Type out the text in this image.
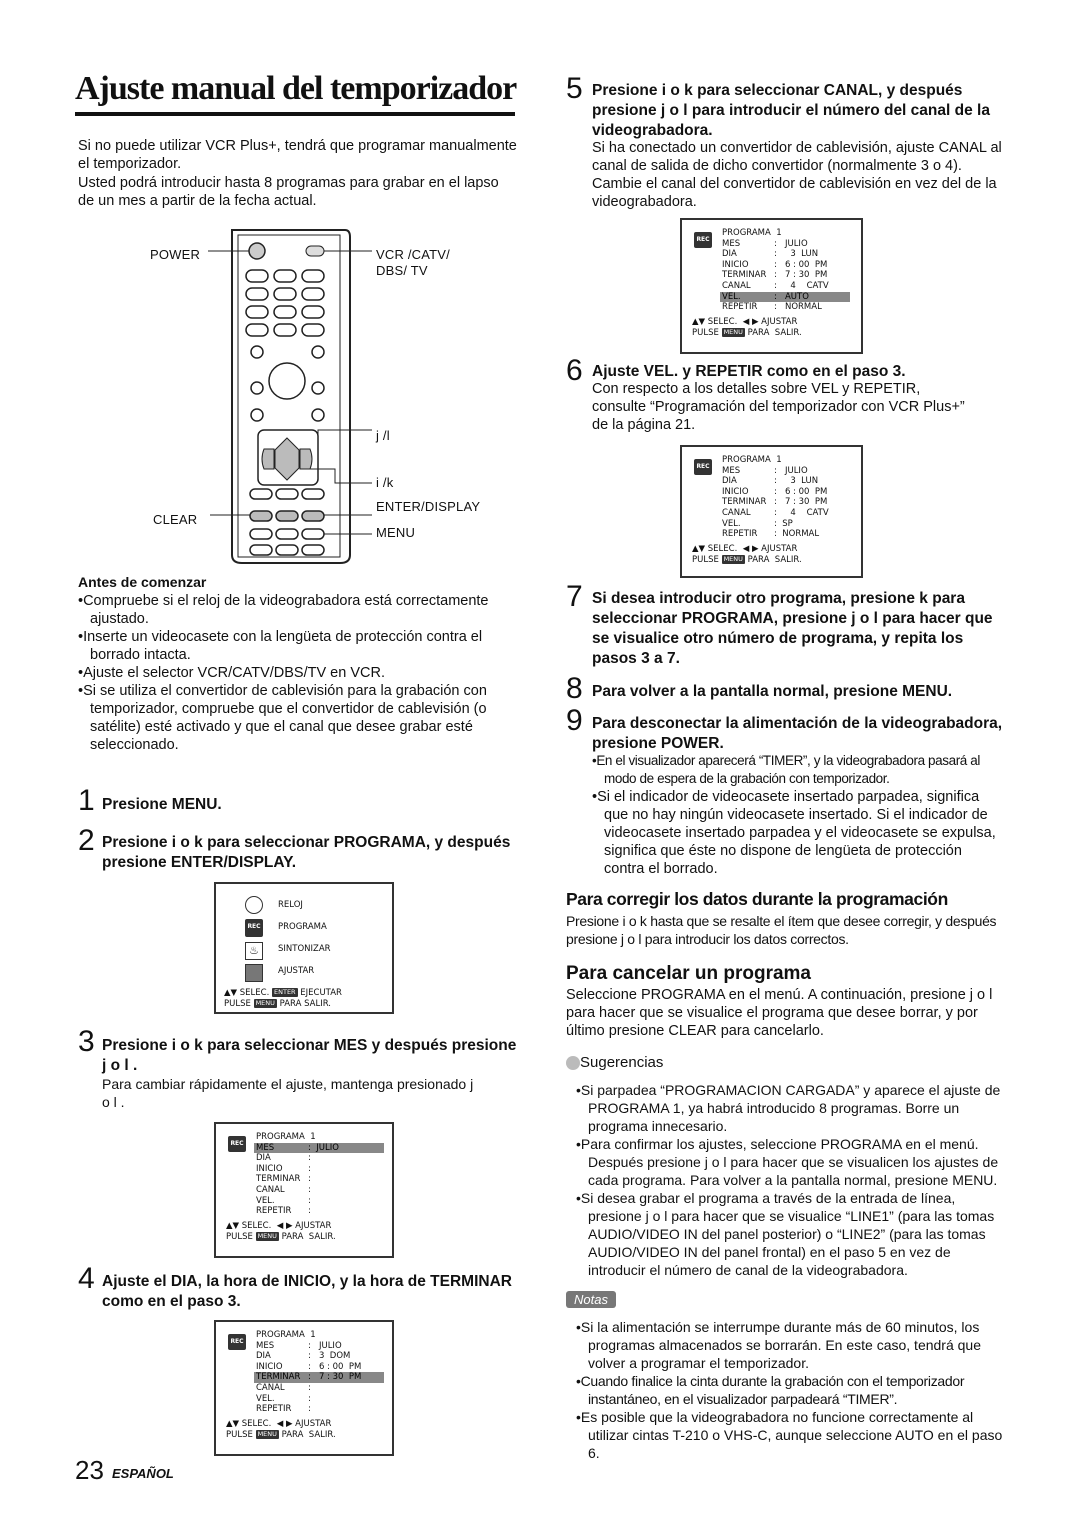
Ajuste manual del temporizador
Si no puede utilizar VCR Plus+, tendrá que programar manualmente el temporizador.
Usted podrá introducir hasta 8 programas para grabar en el lapso de un mes a partir de la fecha actual.
POWER	VCR /CATV/
DBS/ TV
j /l
i /k
ENTER/DISPLAY
CLEAR
MENU
Antes de comenzar
•Compruebe si el reloj de la videograbadora está correctamente ajustado.
•Inserte un videocasete con la lengüeta de protección contra el borrado intacta.
•Ajuste el selector VCR/CATV/DBS/TV en VCR.
•Si se utiliza el convertidor de cablevisión para la grabación con temporizador, compruebe que el convertidor de cablevisión (o satélite) esté activado y que el canal que desee grabar esté seleccionado.
1 Presione MENU.
2 Presione i o k para seleccionar PROGRAMA, y después presione ENTER/DISPLAY.
REC
♨
RELOJ
PROGRAMA
SINTONIZAR
AJUSTAR
▲▼ SELEC. ENTER EJECUTAR
PULSE MENU PARA SALIR.
3 Presione i o k para seleccionar MES y después presione j o l .
Para cambiar rápidamente el ajuste, mantenga presionado j o l .
REC
PROGRAMA  1
MES	:  JULIO
DIA	:
INICIO	:
TERMINAR :
CANAL	:
VEL.	:
REPETIR :
▲▼ SELEC.  ◀ ▶ AJUSTAR
PULSE MENU PARA  SALIR.
4 Ajuste el DIA, la hora de INICIO, y la hora de TERMINAR como en el paso 3.
REC
PROGRAMA  1
MES	:   JULIO
DIA	:   3  DOM
INICIO	:   6 : 00  PM
TERMINAR :   7 : 30  PM
CANAL	:
VEL.	:
REPETIR :
▲▼ SELEC.  ◀ ▶ AJUSTAR
PULSE MENU PARA  SALIR.
23 ESPAÑOL
5 Presione i o k para seleccionar CANAL, y después presione j o l para introducir el número del canal de la videograbadora.
Si ha conectado un convertidor de cablevisión, ajuste CANAL al canal de salida de dicho convertidor (normalmente 3 o 4). Cambie el canal del convertidor de cablevisión en vez del de la videograbadora.
REC
PROGRAMA  1
MES	:   JULIO
DIA	:     3  LUN
INICIO	:   6 : 00  PM
TERMINAR :   7 : 30  PM
CANAL	:     4    CATV
VEL.	:   AUTO
REPETIR :   NORMAL
▲▼ SELEC.  ◀ ▶ AJUSTAR
PULSE MENU PARA  SALIR.
6 Ajuste VEL. y REPETIR como en el paso 3.
Con respecto a los detalles sobre VEL y REPETIR, consulte “Programación del temporizador con VCR Plus+” de la página 21.
REC
PROGRAMA  1
MES	:   JULIO
DIA	:     3  LUN
INICIO	:   6 : 00  PM
TERMINAR :   7 : 30  PM
CANAL	:     4    CATV
VEL.	:  SP
REPETIR :  NORMAL
▲▼ SELEC.  ◀ ▶ AJUSTAR
PULSE MENU PARA  SALIR.
7 Si desea introducir otro programa, presione k para seleccionar PROGRAMA, presione j o l para hacer que se visualice otro número de programa, y repita los pasos 3 a 7.
8 Para volver a la pantalla normal, presione MENU.
9 Para desconectar la alimentación de la videograbadora, presione POWER.
•En el visualizador aparecerá “TIMER”, y la videograbadora pasará al modo de espera de la grabación con temporizador.
•Si el indicador de videocasete insertado parpadea, significa que no hay ningún videocasete insertado. Si el indicador de videocasete insertado parpadea y el videocasete se expulsa, significa que éste no dispone de lengüeta de protección contra el borrado.
Para corregir los datos durante la programación
Presione i o k hasta que se resalte el ítem que desee corregir, y después presione j o l para introducir los datos correctos.
Para cancelar un programa
Seleccione PROGRAMA en el menú. A continuación, presione j o l para hacer que se visualice el programa que desee borrar, y por último presione CLEAR para cancelarlo.
Sugerencias
•Si parpadea “PROGRAMACION CARGADA” y aparece el ajuste de PROGRAMA 1, ya habrá introducido 8 programas. Borre un programa innecesario.
•Para confirmar los ajustes, seleccione PROGRAMA en el menú. Después presione j o l para hacer que se visualicen los ajustes de cada programa. Para volver a la pantalla normal, presione MENU.
•Si desea grabar el programa a través de la entrada de línea, presione j o l para hacer que se visualice “LINE1” (para las tomas AUDIO/VIDEO IN del panel posterior) o “LINE2” (para las tomas AUDIO/VIDEO IN del panel frontal) en el paso 5 en vez de introducir el número de canal de la videograbadora.
Notas
•Si la alimentación se interrumpe durante más de 60 minutos, los programas almacenados se borrarán. En este caso, tendrá que volver a programar el temporizador.
•Cuando finalice la cinta durante la grabación con el temporizador instantáneo, en el visualizador parpadeará “TIMER”.
•Es posible que la videograbadora no funcione correctamente al utilizar cintas T-210 o VHS-C, aunque seleccione AUTO en el paso 6.
